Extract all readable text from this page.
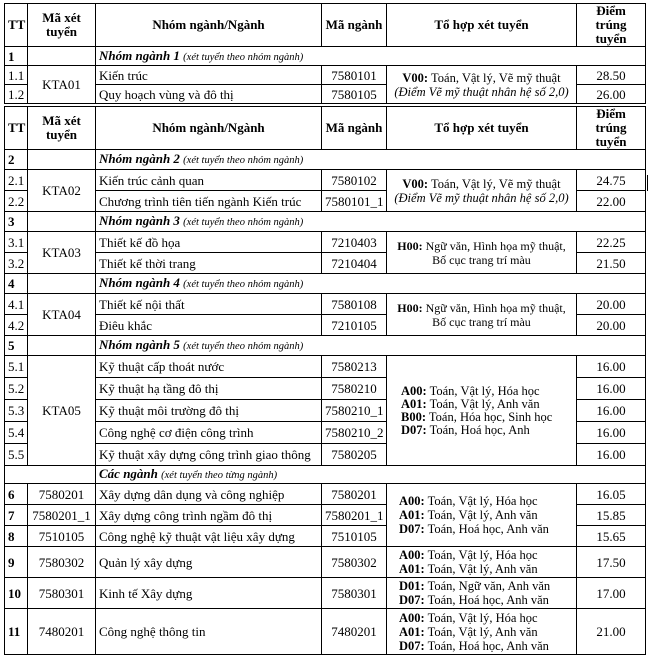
TT	Mã xét tuyển	Nhóm ngành/Ngành	Mã ngành	Tổ hợp xét tuyển	Điểm trúng tuyển
1		Nhóm ngành 1 (xét tuyển theo nhóm ngành)			
1.1	KTA01	Kiến trúc	7580101	V00: Toán, Vật lý, Vẽ mỹ thuật
(Điểm Vẽ mỹ thuật nhân hệ số 2,0)	28.50
1.2		Quy hoạch vùng và đô thị	7580105		26.00

TT	Mã xét tuyển	Nhóm ngành/Ngành	Mã ngành	Tổ hợp xét tuyển	Điểm trúng tuyển
2		Nhóm ngành 2 (xét tuyển theo nhóm ngành)			
2.1	KTA02	Kiến trúc cảnh quan	7580102	V00: Toán, Vật lý, Vẽ mỹ thuật
(Điểm Vẽ mỹ thuật nhân hệ số 2,0)	24.75
2.2		Chương trình tiên tiến ngành Kiến trúc	7580101_1		22.00
3		Nhóm ngành 3 (xét tuyển theo nhóm ngành)			
3.1	KTA03	Thiết kế đồ họa	7210403	H00: Ngữ văn, Hình họa mỹ thuật,
Bố cục trang trí màu	22.25
3.2		Thiết kế thời trang	7210404		21.50
4		Nhóm ngành 4 (xét tuyển theo nhóm ngành)			
4.1	KTA04	Thiết kế nội thất	7580108	H00: Ngữ văn, Hình họa mỹ thuật,
Bố cục trang trí màu	20.00
4.2		Điêu khắc	7210105		20.00
5		Nhóm ngành 5 (xét tuyển theo nhóm ngành)			
5.1	KTA05	Kỹ thuật cấp thoát nước	7580213	A00: Toán, Vật lý, Hóa học
A01: Toán, Vật lý, Anh văn
B00: Toán, Hóa học, Sinh học
D07: Toán, Hoá học, Anh	16.00
5.2		Kỹ thuật hạ tầng đô thị	7580210		16.00
5.3		Kỹ thuật môi trường đô thị	7580210_1		16.00
5.4		Công nghệ cơ điện công trình	7580210_2		16.00
5.5		Kỹ thuật xây dựng công trình giao thông	7580205		16.00
		Các ngành (xét tuyển theo từng ngành)			
6	7580201	Xây dựng dân dụng và công nghiệp	7580201	A00: Toán, Vật lý, Hóa học
A01: Toán, Vật lý, Anh văn
D07: Toán, Hoá học, Anh văn	16.05
7	7580201_1	Xây dựng công trình ngầm đô thị	7580201_1		15.85
8	7510105	Công nghệ kỹ thuật vật liệu xây dựng	7510105		15.65
9	7580302	Quản lý xây dựng	7580302	A00: Toán, Vật lý, Hóa học
A01: Toán, Vật lý, Anh văn	17.50
10	7580301	Kinh tế Xây dựng	7580301	D01: Toán, Ngữ văn, Anh văn
D07: Toán, Hoá học, Anh văn	17.00
11	7480201	Công nghệ thông tin	7480201	A00: Toán, Vật lý, Hóa học
A01: Toán, Vật lý, Anh văn
D07: Toán, Hoá học, Anh văn	21.00
